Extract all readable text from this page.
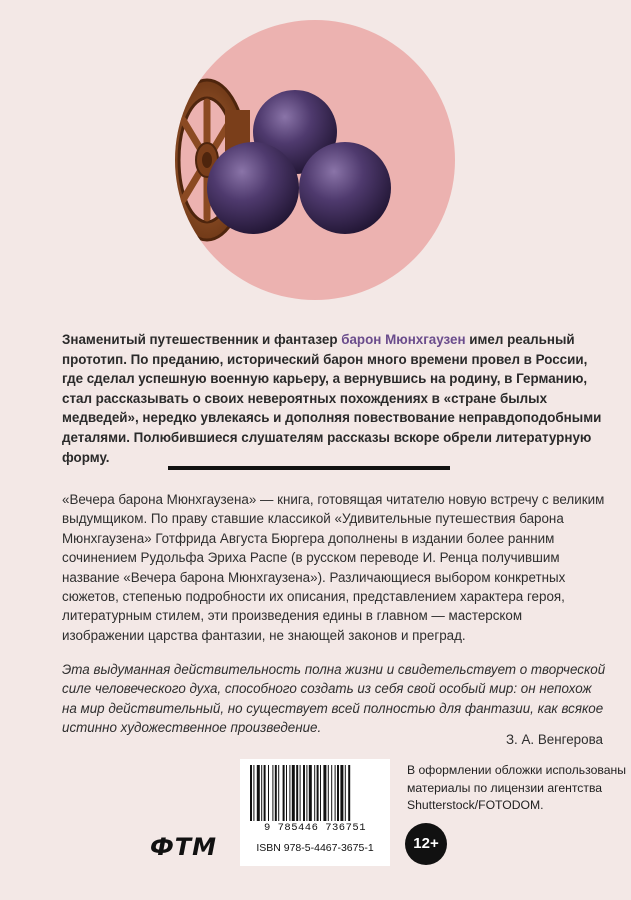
Знаменитый путешественник и фантазер барон Мюнхгаузен имел реальный прототип. По преданию, исторический барон много времени провел в России, где сделал успешную военную карьеру, а вернувшись на родину, в Германию, стал рассказывать о своих невероятных похождениях в «стране былых медведей», нередко увлекаясь и дополняя повествование неправдоподобными деталями. Полюбившиеся слушателям рассказы вскоре обрели литературную форму.
«Вечера барона Мюнхгаузена» — книга, готовящая читателю новую встречу с великим выдумщиком. По праву ставшие классикой «Удивительные путешествия барона Мюнхгаузена» Готфрида Августа Бюргера дополнены в издании более ранним сочинением Рудольфа Эриха Распе (в русском переводе И. Ренца получившим название «Вечера барона Мюнхгаузена»). Различающиеся выбором конкретных сюжетов, степенью подробности их описания, представлением характера героя, литературным стилем, эти произведения едины в главном — мастерском изображении царства фантазии, не знающей законов и преград.
Эта выдуманная действительность полна жизни и свидетельствует о творческой силе человеческого духа, способного создать из себя свой особый мир: он непохож на мир действительный, но существует всей полностью для фантазии, как всякое истинно художественное произведение.
З. А. Венгерова
9 785446 736751
ISBN 978-5-4467-3675-1
В оформлении обложки использованы материалы по лицензии агентства Shutterstock/FOTODOM.
ФТМ	12+
